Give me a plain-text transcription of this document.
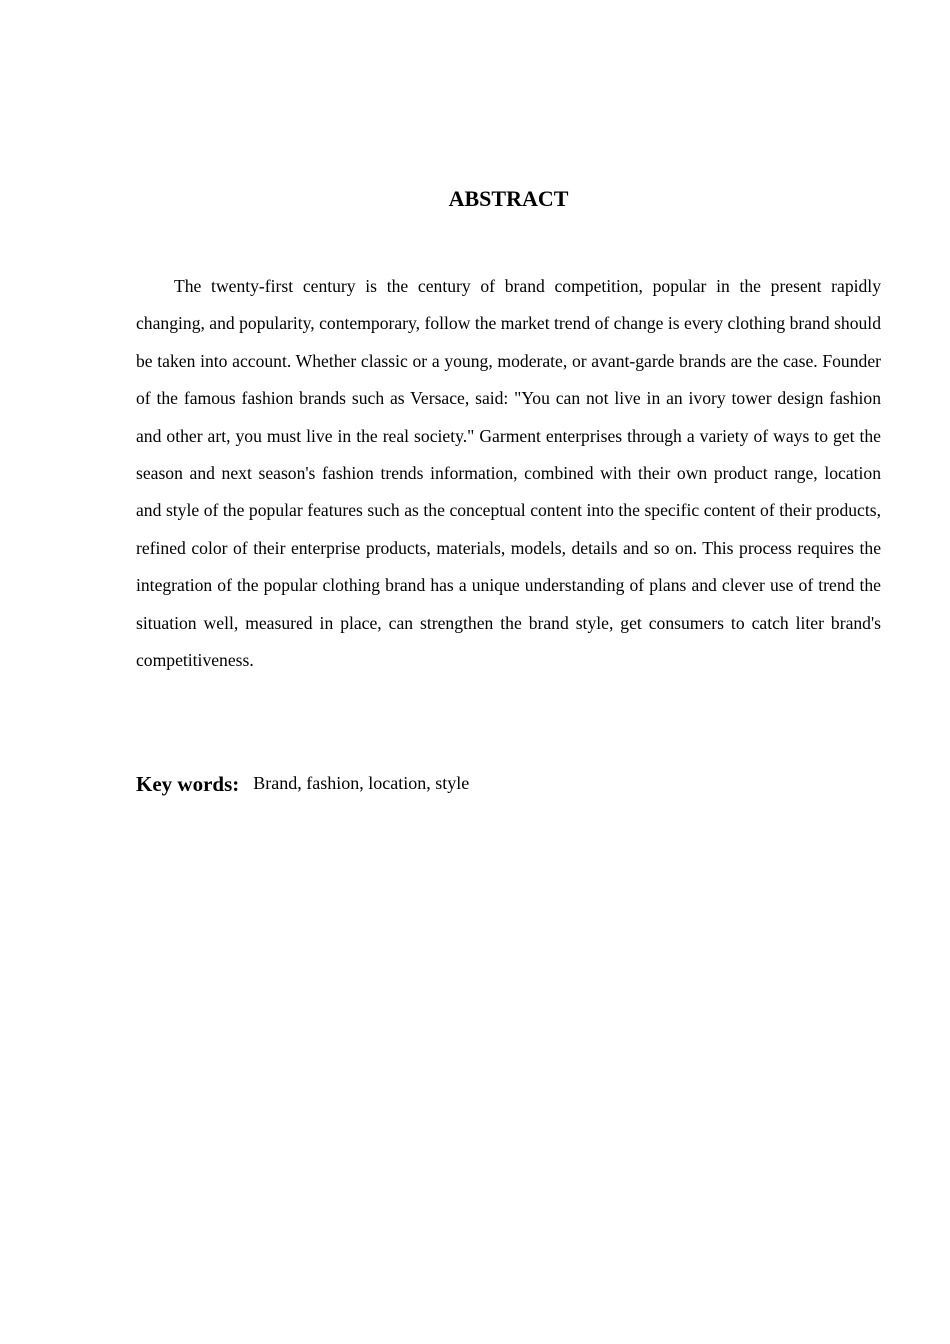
ABSTRACT

The twenty-first century is the century of brand competition, popular in the present rapidly changing, and popularity, contemporary, follow the market trend of change is every clothing brand should be taken into account. Whether classic or a young, moderate, or avant-garde brands are the case. Founder of the famous fashion brands such as Versace, said: "You can not live in an ivory tower design fashion and other art, you must live in the real society." Garment enterprises through a variety of ways to get the season and next season's fashion trends information, combined with their own product range, location and style of the popular features such as the conceptual content into the specific content of their products, refined color of their enterprise products, materials, models, details and so on. This process requires the integration of the popular clothing brand has a unique understanding of plans and clever use of trend the situation well, measured in place, can strengthen the brand style, get consumers to catch liter brand's competitiveness.

Key words: Brand, fashion, location, style
